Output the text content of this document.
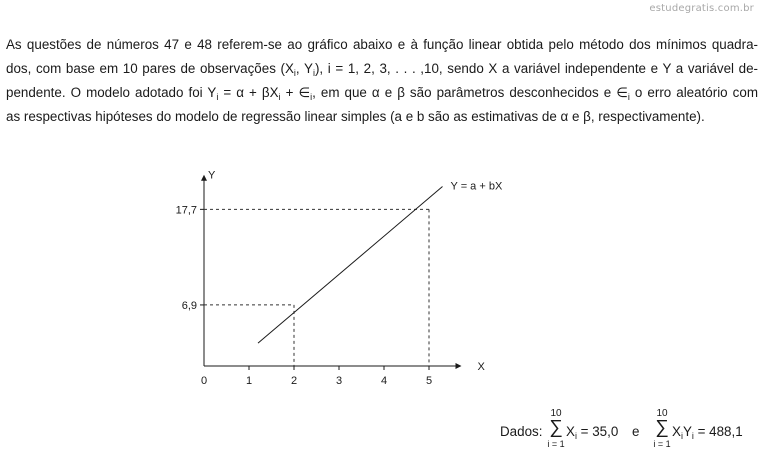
estudegratis.com.br
As questões de números 47 e 48 referem-se ao gráfico abaixo e à função linear obtida pelo método dos mínimos quadra-
dos, com base em 10 pares de observações ($X_i$, $Y_i$), i = 1, 2, 3, . . . ,10, sendo X a variável independente e Y a variável de-
pendente. O modelo adotado foi $Y_i = \alpha + \beta X_i$ + $\in_i$, em que α e β são parâmetros desconhecidos e $\in_i$ o erro aleatório com
as respectivas hipóteses do modelo de regressão linear simples (a e b são as estimativas de α e β, respectivamente).
Y
X
0	1	2	3	4	5
6,9
17,7
Y = a + bX
Dados:
10
∑
i = 1
$X_i = 35,0$ e
10
∑
i = 1
$X_iY_i = 488,1$
